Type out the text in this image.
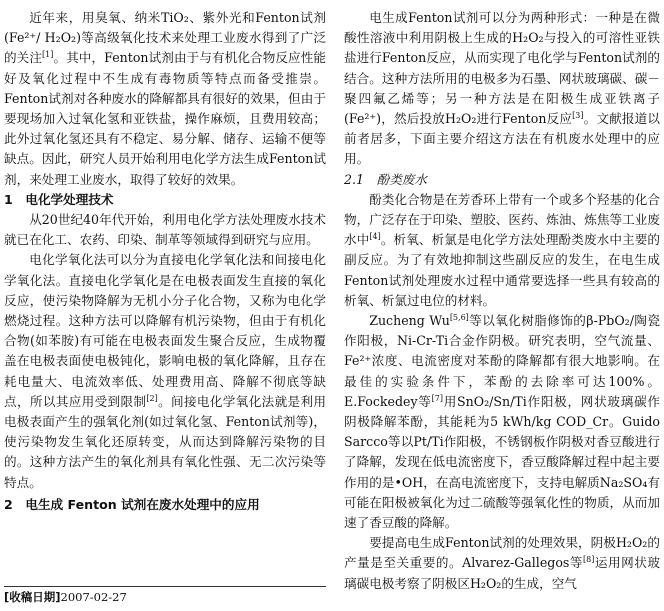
近年来，用臭氧、纳米TiO₂、紫外光和Fenton试剂(Fe²⁺/ H₂O₂)等高级氧化技术来处理工业废水得到了广泛的关注[1]。其中，Fenton试剂由于与有机化合物反应性能好及氧化过程中不生成有毒物质等特点而备受推崇。Fenton试剂对各种废水的降解都具有很好的效果，但由于要现场加入过氧化氢和亚铁盐，操作麻烦，且费用较高；此外过氧化氢还具有不稳定、易分解、储存、运输不便等缺点。因此，研究人员开始利用电化学方法生成Fenton试剂，来处理工业废水，取得了较好的效果。

1　电化学处理技术

从20世纪40年代开始，利用电化学方法处理废水技术就已在化工、农药、印染、制革等领域得到研究与应用。

电化学氧化法可以分为直接电化学氧化法和间接电化学氧化法。直接电化学氧化是在电极表面发生直接的氧化反应，使污染物降解为无机小分子化合物，又称为电化学燃烧过程。这种方法可以降解有机污染物，但由于有机化合物(如苯胺)有可能在电极表面发生聚合反应，生成物覆盖在电极表面使电极钝化，影响电极的氧化降解，且存在耗电量大、电流效率低、处理费用高、降解不彻底等缺点，所以其应用受到限制[2]。间接电化学氧化法就是利用电极表面产生的强氧化剂(如过氧化氢、Fenton试剂等)，使污染物发生氧化还原转变，从而达到降解污染物的目的。这种方法产生的氧化剂具有氧化性强、无二次污染等特点。

2　电生成 Fenton 试剂在废水处理中的应用
[收稿日期]2007-02-27

电生成Fenton试剂可以分为两种形式：一种是在微酸性溶液中利用阴极上生成的H₂O₂与投入的可溶性亚铁盐进行Fenton反应，从而实现了电化学与Fenton试剂的结合。这种方法所用的电极多为石墨、网状玻璃碳、碳－聚四氟乙烯等；另一种方法是在阳极生成亚铁离子(Fe²⁺)，然后投放H₂O₂进行Fenton反应[3]。文献报道以前者居多，下面主要介绍这方法在有机废水处理中的应用。

2.1　酚类废水

酚类化合物是在芳香环上带有一个或多个羟基的化合物，广泛存在于印染、塑胶、医药、炼油、炼焦等工业废水中[4]。析氧、析氯是电化学方法处理酚类废水中主要的副反应。为了有效地抑制这些副反应的发生，在电生成Fenton试剂处理废水过程中通常要选择一些具有较高的析氧、析氯过电位的材料。

Zucheng Wu[5,6]等以氧化树脂修饰的β-PbO₂/陶瓷作阳极，Ni-Cr-Ti合金作阴极。研究表明，空气流量、Fe²⁺浓度、电流密度对苯酚的降解都有很大地影响。在最佳的实验条件下，苯酚的去除率可达100%。E.Fockedey等[7]用SnO₂/Sn/Ti作阳极，网状玻璃碳作阴极降解苯酚，其能耗为5 kWh/kg COD_Cr。Guido Sarcco等以Pt/Ti作阳极，不锈钢板作阴极对香豆酸进行了降解，发现在低电流密度下，香豆酸降解过程中起主要作用的是•OH，在高电流密度下，支持电解质Na₂SO₄有可能在阳极被氧化为过二硫酸等强氧化性的物质，从而加速了香豆酸的降解。

要提高电生成Fenton试剂的处理效果，阴极H₂O₂的产量是至关重要的。Alvarez-Gallegos等[8]运用网状玻璃碳电极考察了阴极区H₂O₂的生成，空气
